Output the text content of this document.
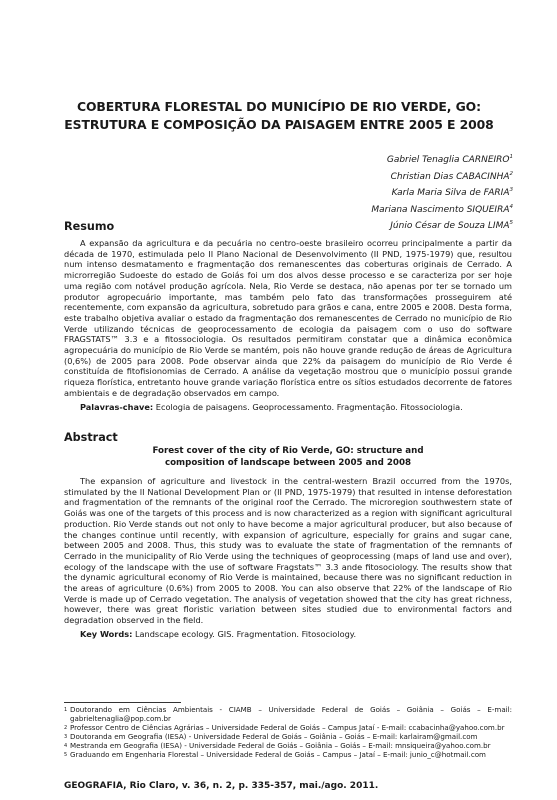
COBERTURA FLORESTAL DO MUNICÍPIO DE RIO VERDE, GO:
ESTRUTURA E COMPOSIÇÃO DA PAISAGEM ENTRE 2005 E 2008
Gabriel Tenaglia CARNEIRO$^1$
Christian Dias CABACINHA$^2$
Karla Maria Silva de FARIA$^3$
Mariana Nascimento SIQUEIRA$^4$
Júnio César de Souza LIMA$^5$
Resumo

A expansão da agricultura e da pecuária no centro-oeste brasileiro ocorreu principalmente a partir da década de 1970, estimulada pelo II Plano Nacional de Desenvolvimento (II PND, 1975-1979) que, resultou num intenso desmatamento e fragmentação dos remanescentes das coberturas originais de Cerrado. A microrregião Sudoeste do estado de Goiás foi um dos alvos desse processo e se caracteriza por ser hoje uma região com notável produção agrícola. Nela, Rio Verde se destaca, não apenas por ter se tornado um produtor agropecuário importante, mas também pelo fato das transformações prosseguirem até recentemente, com expansão da agricultura, sobretudo para grãos e cana, entre 2005 e 2008. Desta forma, este trabalho objetiva avaliar o estado da fragmentação dos remanescentes de Cerrado no município de Rio Verde utilizando técnicas de geoprocessamento de ecologia da paisagem com o uso do software FRAGSTATS™ 3.3 e a fitossociologia. Os resultados permitiram constatar que a dinâmica econômica agropecuária do município de Rio Verde se mantém, pois não houve grande redução de áreas de Agricultura (0,6%) de 2005 para 2008. Pode observar ainda que 22% da paisagem do município de Rio Verde é constituída de fitofisionomias de Cerrado. A análise da vegetação mostrou que o município possui grande riqueza florística, entretanto houve grande variação florística entre os sítios estudados decorrente de fatores ambientais e de degradação observados em campo.

Palavras-chave: Ecologia de paisagens. Geoprocessamento. Fragmentação. Fitossociologia.
Abstract
Forest cover of the city of Rio Verde, GO: structure and
composition of landscape between 2005 and 2008

The expansion of agriculture and livestock in the central-western Brazil occurred from the 1970s, stimulated by the II National Development Plan or (II PND, 1975-1979) that resulted in intense deforestation and fragmentation of the remnants of the original roof the Cerrado. The microregion southwestern state of Goiás was one of the targets of this process and is now characterized as a region with significant agricultural production. Rio Verde stands out not only to have become a major agricultural producer, but also because of the changes continue until recently, with expansion of agriculture, especially for grains and sugar cane, between 2005 and 2008. Thus, this study was to evaluate the state of fragmentation of the remnants of Cerrado in the municipality of Rio Verde using the techniques of geoprocessing (maps of land use and over), ecology of the landscape with the use of software Fragstats™ 3.3 ande fitosociology. The results show that the dynamic agricultural economy of Rio Verde is maintained, because there was no significant reduction in the areas of agriculture (0.6%) from 2005 to 2008. You can also observe that 22% of the landscape of Rio Verde is made up of Cerrado vegetation. The analysis of vegetation showed that the city has great richness, however, there was great floristic variation between sites studied due to environmental factors and degradation observed in the field.

Key Words: Landscape ecology. GIS. Fragmentation. Fitosociology.
1 Doutorando em Ciências Ambientais - CIAMB – Universidade Federal de Goiás – Goiânia – Goiás – E-mail: gabrieltenaglia@pop.com.br
2 Professor Centro de Ciências Agrárias – Universidade Federal de Goiás – Campus Jataí - E-mail: ccabacinha@yahoo.com.br
3 Doutoranda em Geografia (IESA) - Universidade Federal de Goiás – Goiânia – Goiás – E-mail: karlairam@gmail.com
4 Mestranda em Geografia (IESA) - Universidade Federal de Goiás – Goiânia – Goiás – E-mail: mnsiqueira@yahoo.com.br
5 Graduando em Engenharia Florestal – Universidade Federal de Goiás – Campus – Jataí – E-mail: junio_c@hotmail.com
GEOGRAFIA, Rio Claro, v. 36, n. 2, p. 335-357, mai./ago. 2011.
